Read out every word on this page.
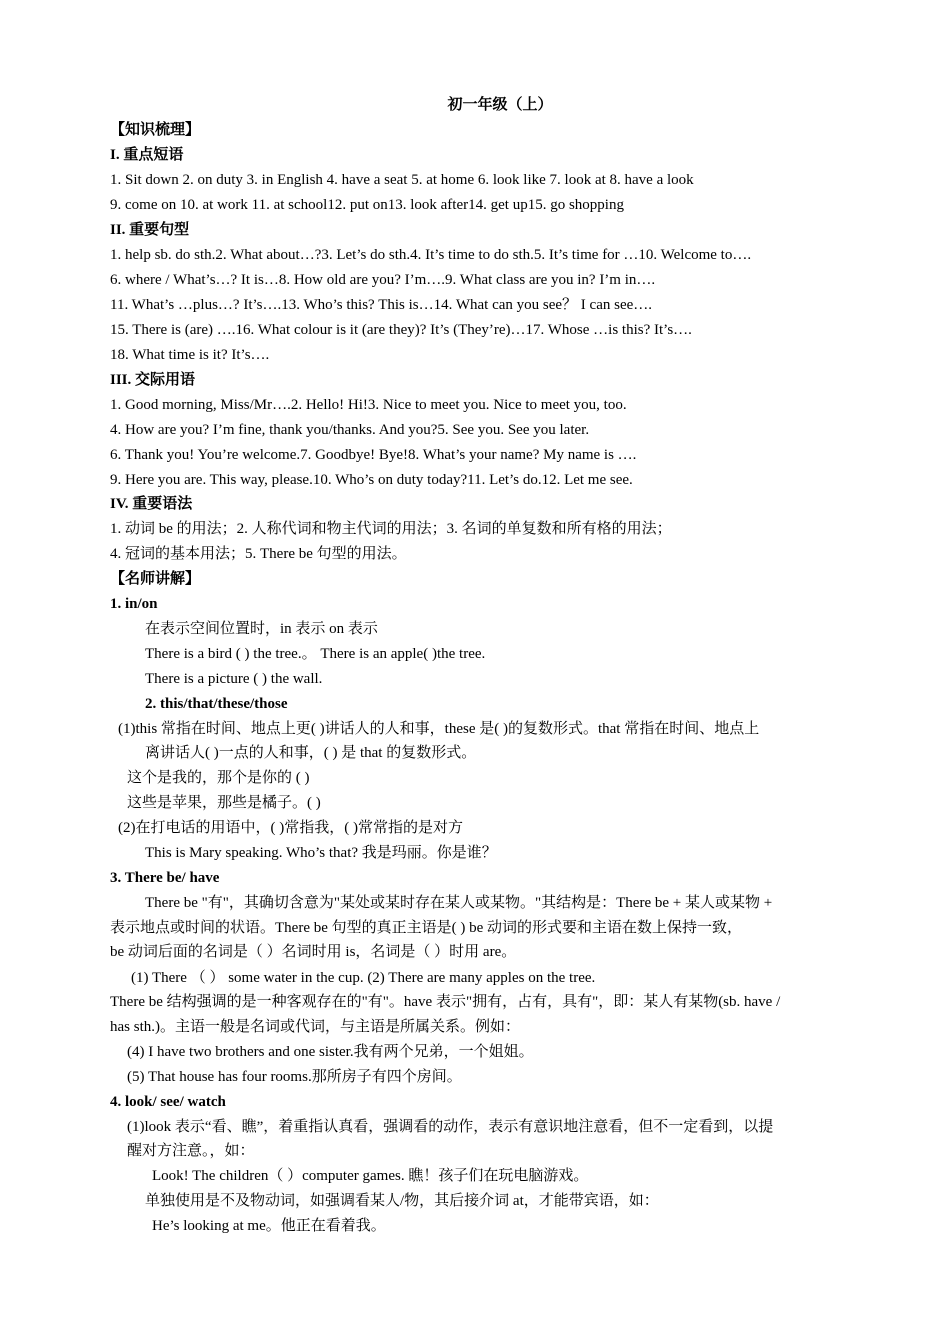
初一年级（上）
【知识梳理】
I. 重点短语
1. Sit down 2. on duty 3. in English 4. have a seat 5. at home 6. look like 7. look at 8. have a look
9. come on 10. at work 11. at school12. put on13. look after14. get up15. go shopping
II. 重要句型
1. help sb. do sth.2. What about…?3. Let’s do sth.4. It’s time to do sth.5. It’s time for …10. Welcome to….
6. where / What’s…? It is…8. How old are you? I’m….9. What class are you in? I’m in….
11. What’s …plus…? It’s….13. Who’s this? This is…14. What can you see？ I can see….
15. There is (are) ….16. What colour is it (are they)? It’s (They’re)…17. Whose …is this? It’s….
18. What time is it? It’s….
III. 交际用语
1. Good morning, Miss/Mr….2. Hello! Hi!3. Nice to meet you. Nice to meet you, too.
4. How are you? I’m fine, thank you/thanks. And you?5. See you. See you later.
6. Thank you! You’re welcome.7. Goodbye! Bye!8. What’s your name? My name is ….
9. Here you are. This way, please.10. Who’s on duty today?11. Let’s do.12. Let me see.
IV. 重要语法
1. 动词 be 的用法；2. 人称代词和物主代词的用法；3. 名词的单复数和所有格的用法；
4. 冠词的基本用法；5. There be 句型的用法。
【名师讲解】
1. in/on
在表示空间位置时，in 表示 on 表示
There is a bird ( ) the tree.。 There is an apple( )the tree.
There is a picture ( ) the wall.
2. this/that/these/those
(1)this 常指在时间、地点上更( )讲话人的人和事，these 是( )的复数形式。that 常指在时间、地点上
离讲话人( )一点的人和事，( ) 是 that 的复数形式。
这个是我的，那个是你的 ( )
这些是苹果，那些是橘子。( )
(2)在打电话的用语中，( )常指我，( )常常指的是对方
This is Mary speaking. Who’s that? 我是玛丽。你是谁？
3. There be/ have
There be "有"，其确切含意为"某处或某时存在某人或某物。"其结构是：There be + 某人或某物 +
表示地点或时间的状语。There be 句型的真正主语是( ) be 动词的形式要和主语在数上保持一致，
be 动词后面的名词是（ ）名词时用 is，名词是（ ）时用 are。
(1) There （ ） some water in the cup. (2) There are many apples on the tree.
There be 结构强调的是一种客观存在的"有"。have 表示"拥有，占有，具有"，即：某人有某物(sb. have /
has sth.)。主语一般是名词或代词，与主语是所属关系。例如：
(4) I have two brothers and one sister.我有两个兄弟，一个姐姐。
(5) That house has four rooms.那所房子有四个房间。
4. look/ see/ watch
(1)look 表示“看、瞧”，着重指认真看，强调看的动作，表示有意识地注意看，但不一定看到，以提
醒对方注意。，如：
Look! The children（ ）computer games. 瞧！孩子们在玩电脑游戏。
单独使用是不及物动词，如强调看某人/物，其后接介词 at，才能带宾语，如：
He’s looking at me。他正在看着我。
